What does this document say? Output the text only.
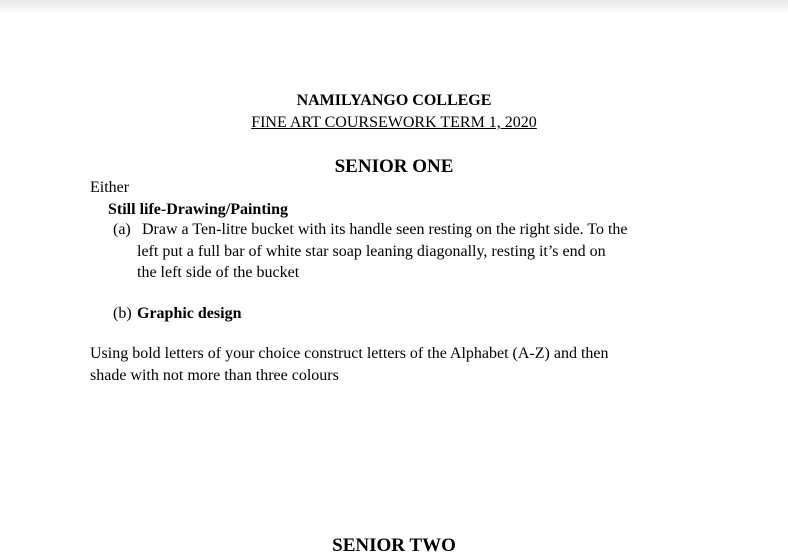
NAMILYANGO COLLEGE
FINE ART COURSEWORK TERM 1, 2020
SENIOR ONE
Either
Still life-Drawing/Painting
(a) Draw a Ten-litre bucket with its handle seen resting on the right side. To the
left put a full bar of white star soap leaning diagonally, resting it’s end on
the left side of the bucket
(b) Graphic design
Using bold letters of your choice construct letters of the Alphabet (A-Z) and then
shade with not more than three colours
SENIOR TWO
